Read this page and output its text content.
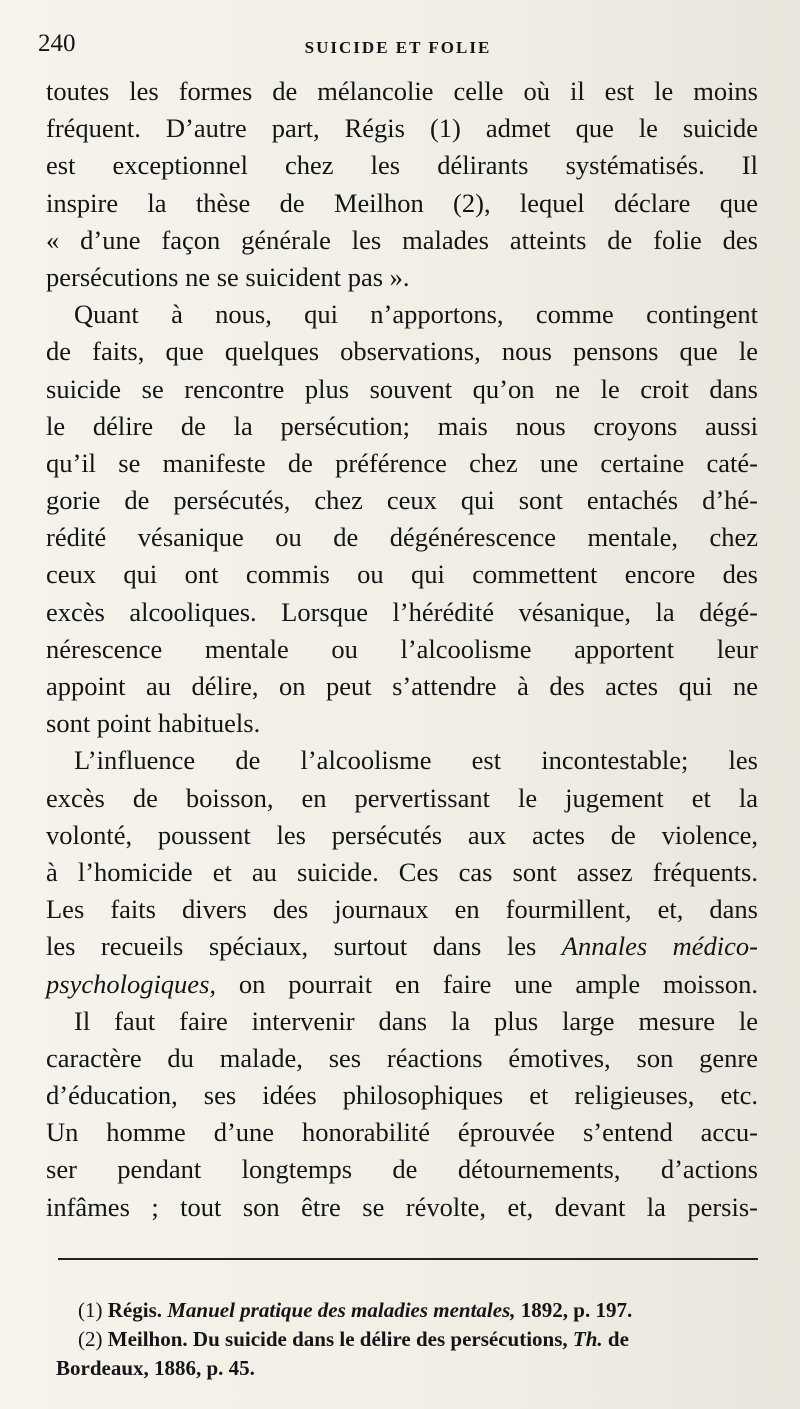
240	SUICIDE ET FOLIE
toutes les formes de mélancolie celle où il est le moins
fréquent. D’autre part, Régis (1) admet que le suicide
est exceptionnel chez les délirants systématisés. Il
inspire la thèse de Meilhon (2), lequel déclare que
« d’une façon générale les malades atteints de folie des
persécutions ne se suicident pas ».
Quant à nous, qui n’apportons, comme contingent
de faits, que quelques observations, nous pensons que le
suicide se rencontre plus souvent qu’on ne le croit dans
le délire de la persécution; mais nous croyons aussi
qu’il se manifeste de préférence chez une certaine caté-
gorie de persécutés, chez ceux qui sont entachés d’hé-
rédité vésanique ou de dégénérescence mentale, chez
ceux qui ont commis ou qui commettent encore des
excès alcooliques. Lorsque l’hérédité vésanique, la dégé-
nérescence mentale ou l’alcoolisme apportent leur
appoint au délire, on peut s’attendre à des actes qui ne
sont point habituels.
L’influence de l’alcoolisme est incontestable; les
excès de boisson, en pervertissant le jugement et la
volonté, poussent les persécutés aux actes de violence,
à l’homicide et au suicide. Ces cas sont assez fréquents.
Les faits divers des journaux en fourmillent, et, dans
les recueils spéciaux, surtout dans les Annales médico-
psychologiques, on pourrait en faire une ample moisson.
Il faut faire intervenir dans la plus large mesure le
caractère du malade, ses réactions émotives, son genre
d’éducation, ses idées philosophiques et religieuses, etc.
Un homme d’une honorabilité éprouvée s’entend accu-
ser pendant longtemps de détournements, d’actions
infâmes ; tout son être se révolte, et, devant la persis-
(1) Régis. Manuel pratique des maladies mentales, 1892, p. 197.
(2) Meilhon. Du suicide dans le délire des persécutions, Th. de
Bordeaux, 1886, p. 45.
